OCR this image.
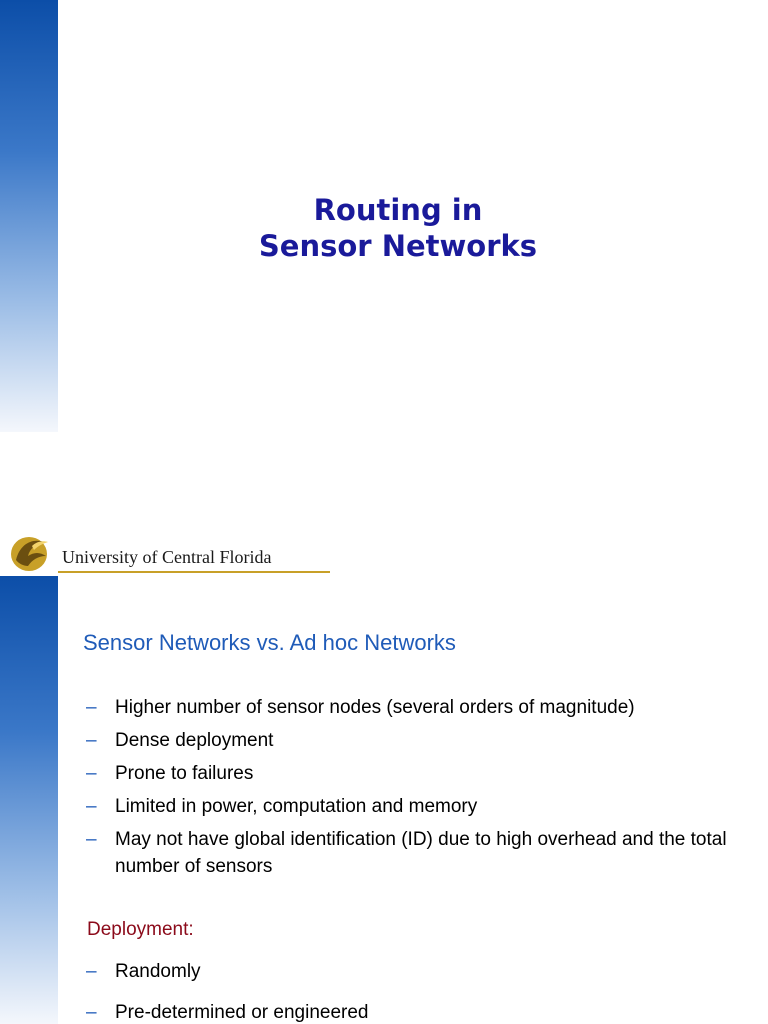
Routing in
Sensor Networks
University of Central Florida
Sensor Networks vs. Ad hoc Networks
– Higher number of sensor nodes (several orders of magnitude)
– Dense deployment
– Prone to failures
– Limited in power, computation and memory
– May not have global identification (ID) due to high overhead and the total number of sensors
Deployment:
– Randomly
– Pre-determined or engineered
